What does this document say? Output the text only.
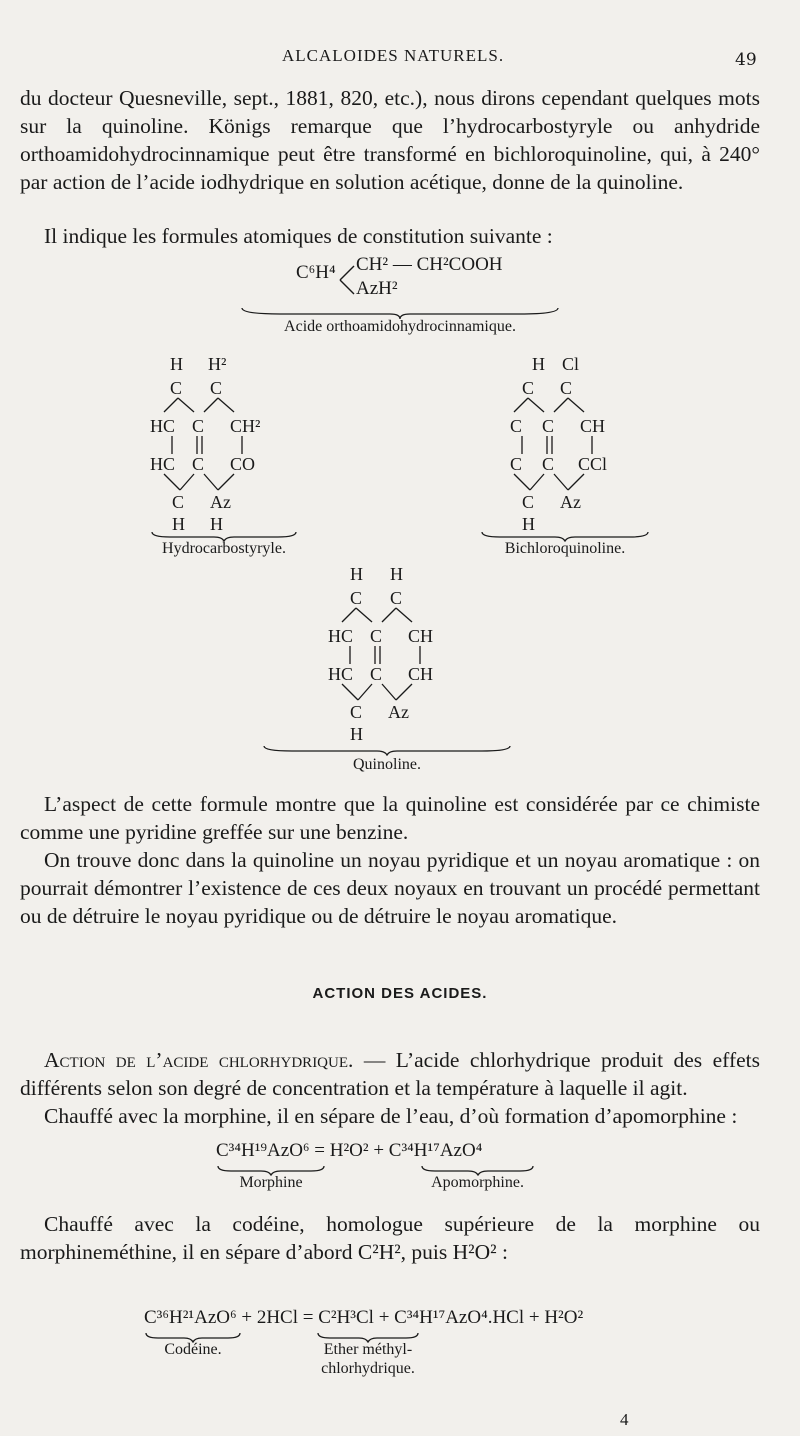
ALCALOIDES NATURELS.	49

du docteur Quesneville, sept., 1881, 820, etc.), nous dirons cependant quelques mots sur la quinoline. Königs remarque que l’hydrocarbostyryle ou anhydride orthoamidohydrocinnamique peut être transformé en bichloroquinoline, qui, à 240° par action de l’acide iodhydrique en solution acétique, donne de la quinoline.

Il indique les formules atomiques de constitution suivante :

C⁶H⁴ CH² — CH²COOH
AzH²
Acide orthoamidohydrocinnamique.
H H²
C C
HC C CH²
HC C CO
C Az
H H
Hydrocarbostyryle.
H Cl
C C
C C CH
C C CCl
C Az
H
Bichloroquinoline.
H H
C C
HC C CH
HC C CH
C Az
H
Quinoline.

L’aspect de cette formule montre que la quinoline est considérée par ce chimiste comme une pyridine greffée sur une benzine.

On trouve donc dans la quinoline un noyau pyridique et un noyau aromatique : on pourrait démontrer l’existence de ces deux noyaux en trouvant un procédé permettant ou de détruire le noyau pyridique ou de détruire le noyau aromatique.

ACTION DES ACIDES.

Action de l’acide chlorhydrique. — L’acide chlorhydrique produit des effets différents selon son degré de concentration et la température à laquelle il agit.

Chauffé avec la morphine, il en sépare de l’eau, d’où formation d’apomorphine :

C³⁴H¹⁹AzO⁶ = H²O² + C³⁴H¹⁷AzO⁴
Morphine	Apomorphine.

Chauffé avec la codéine, homologue supérieure de la morphine ou morphineméthine, il en sépare d’abord C²H², puis H²O² :

C³⁶H²¹AzO⁶ + 2HCl = C²H³Cl + C³⁴H¹⁷AzO⁴.HCl + H²O²
Codéine.	Ether méthyl-
chlorhydrique.
4
